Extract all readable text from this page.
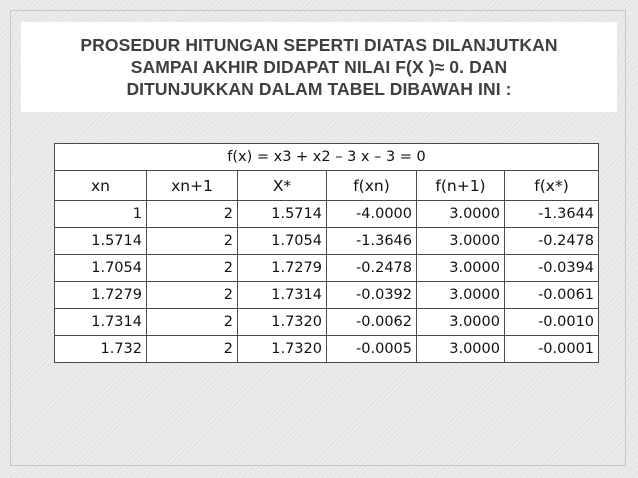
PROSEDUR HITUNGAN SEPERTI DIATAS DILANJUTKAN
SAMPAI AKHIR DIDAPAT NILAI F(X )≈ 0. DAN
DITUNJUKKAN DALAM TABEL DIBAWAH INI :
f(x) = x3 + x2 – 3 x – 3 = 0					
xn	xn+1	X*	f(xn)	f(n+1)	f(x*)
1	2	1.5714	-4.0000	3.0000	-1.3644
1.5714	2	1.7054	-1.3646	3.0000	-0.2478
1.7054	2	1.7279	-0.2478	3.0000	-0.0394
1.7279	2	1.7314	-0.0392	3.0000	-0.0061
1.7314	2	1.7320	-0.0062	3.0000	-0.0010
1.732	2	1.7320	-0.0005	3.0000	-0.0001
